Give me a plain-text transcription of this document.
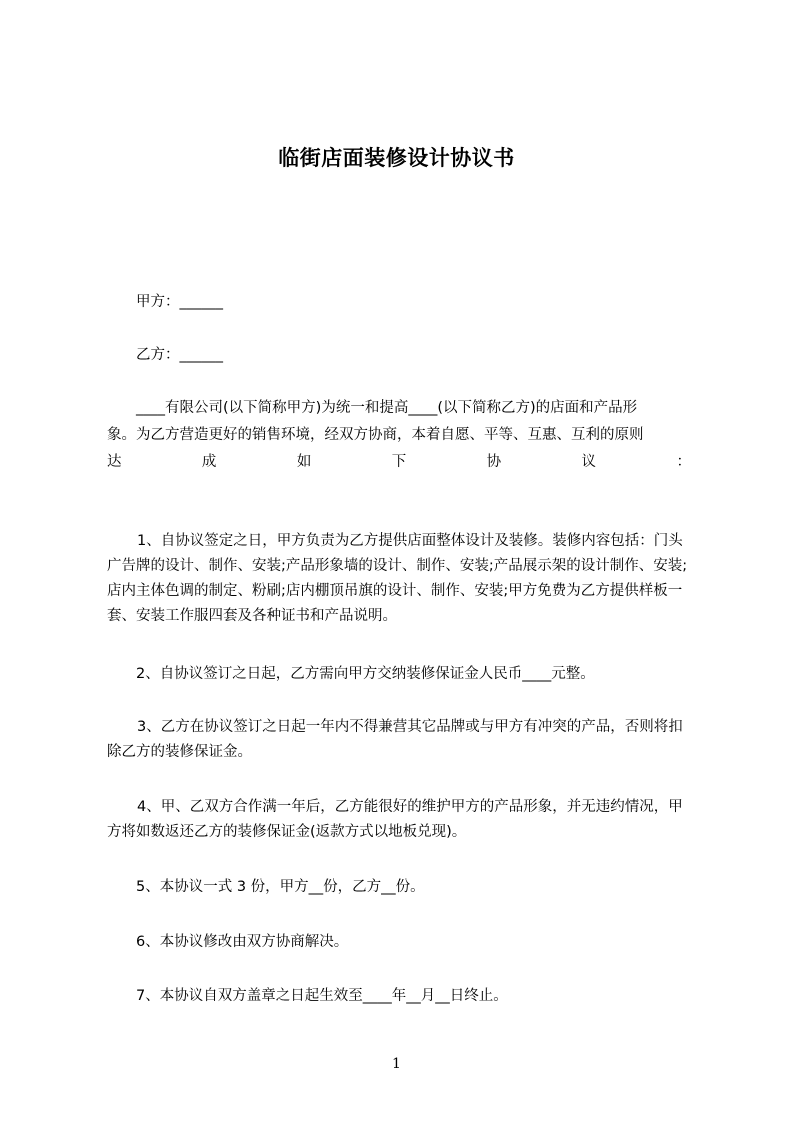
临街店面装修设计协议书
甲方：______
乙方：______
____有限公司(以下简称甲方)为统一和提高____(以下简称乙方)的店面和产品形
象。为乙方营造更好的销售环境，经双方协商，本着自愿、平等、互惠、互利的原则
达	成	如	下	协	议	：
1、自协议签定之日，甲方负责为乙方提供店面整体设计及装修。装修内容包括：门头广告牌的设计、制作、安装;产品形象墙的设计、制作、安装;产品展示架的设计制作、安装;店内主体色调的制定、粉刷;店内棚顶吊旗的设计、制作、安装;甲方免费为乙方提供样板一套、安装工作服四套及各种证书和产品说明。
2、自协议签订之日起，乙方需向甲方交纳装修保证金人民币____元整。
3、乙方在协议签订之日起一年内不得兼营其它品牌或与甲方有冲突的产品，否则将扣除乙方的装修保证金。
4、甲、乙双方合作满一年后，乙方能很好的维护甲方的产品形象，并无违约情况，甲方将如数返还乙方的装修保证金(返款方式以地板兑现)。
5、本协议一式 3 份，甲方__份，乙方__份。
6、本协议修改由双方协商解决。
7、本协议自双方盖章之日起生效至____年__月__日终止。
1
